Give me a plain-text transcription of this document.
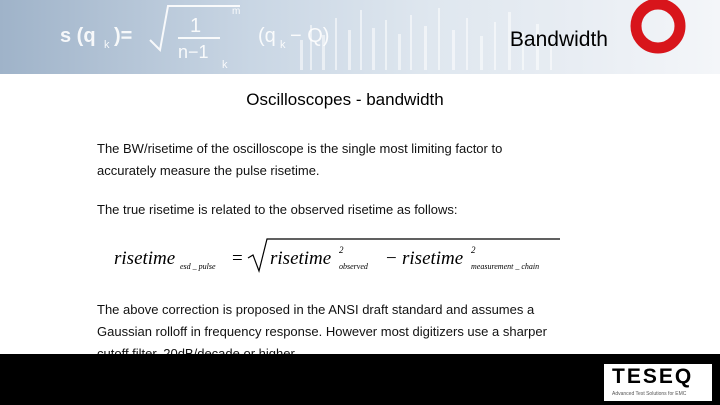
s (q k )=	1
n−1
k
(q k − Q)
m
Bandwidth
Oscilloscopes - bandwidth
The BW/risetime of the oscilloscope is the single most limiting factor to accurately measure the pulse risetime.
The true risetime is related to the observed risetime as follows:
risetime esd _ pulse = risetime 2
observed − risetime 2
measurement _ chain
The above correction is proposed in the ANSI draft standard and assumes a Gaussian rolloff in frequency response. However most digitizers use a sharper
TESEQ
Advanced Test Solutions for EMC
